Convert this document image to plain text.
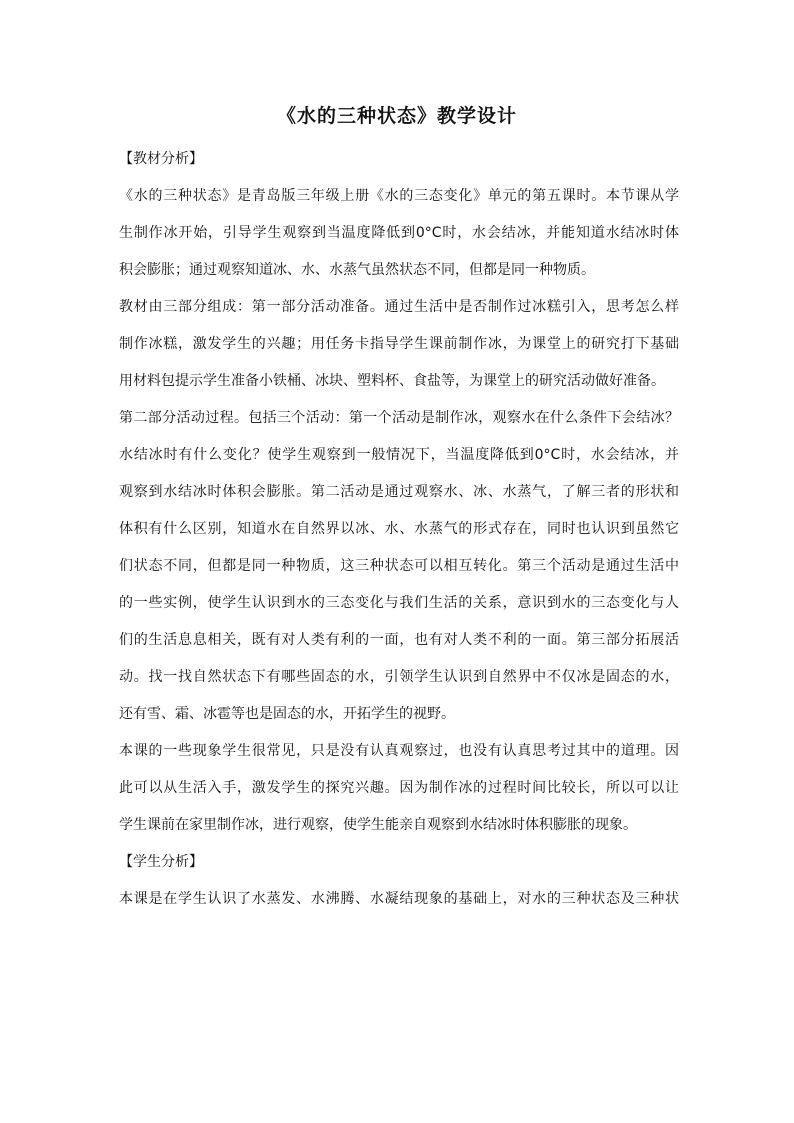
《水的三种状态》教学设计

【教材分析】

《水的三种状态》是青岛版三年级上册《水的三态变化》单元的第五课时。本节课从学
生制作冰开始，引导学生观察到当温度降低到0°C时，水会结冰，并能知道水结冰时体
积会膨胀；通过观察知道冰、水、水蒸气虽然状态不同，但都是同一种物质。

教材由三部分组成：第一部分活动准备。通过生活中是否制作过冰糕引入，思考怎么样
制作冰糕，激发学生的兴趣；用任务卡指导学生课前制作冰，为课堂上的研究打下基础
用材料包提示学生准备小铁桶、冰块、塑料杯、食盐等，为课堂上的研究活动做好准备。

第二部分活动过程。包括三个活动：第一个活动是制作冰，观察水在什么条件下会结冰？
水结冰时有什么变化？使学生观察到一般情况下，当温度降低到0°C时，水会结冰，并
观察到水结冰时体积会膨胀。第二活动是通过观察水、冰、水蒸气，了解三者的形状和
体积有什么区别，知道水在自然界以冰、水、水蒸气的形式存在，同时也认识到虽然它
们状态不同，但都是同一种物质，这三种状态可以相互转化。第三个活动是通过生活中
的一些实例，使学生认识到水的三态变化与我们生活的关系，意识到水的三态变化与人
们的生活息息相关，既有对人类有利的一面，也有对人类不利的一面。第三部分拓展活
动。找一找自然状态下有哪些固态的水，引领学生认识到自然界中不仅冰是固态的水，
还有雪、霜、冰雹等也是固态的水，开拓学生的视野。

本课的一些现象学生很常见，只是没有认真观察过，也没有认真思考过其中的道理。因
此可以从生活入手，激发学生的探究兴趣。因为制作冰的过程时间比较长，所以可以让
学生课前在家里制作冰，进行观察，使学生能亲自观察到水结冰时体积膨胀的现象。

【学生分析】

本课是在学生认识了水蒸发、水沸腾、水凝结现象的基础上，对水的三种状态及三种状
